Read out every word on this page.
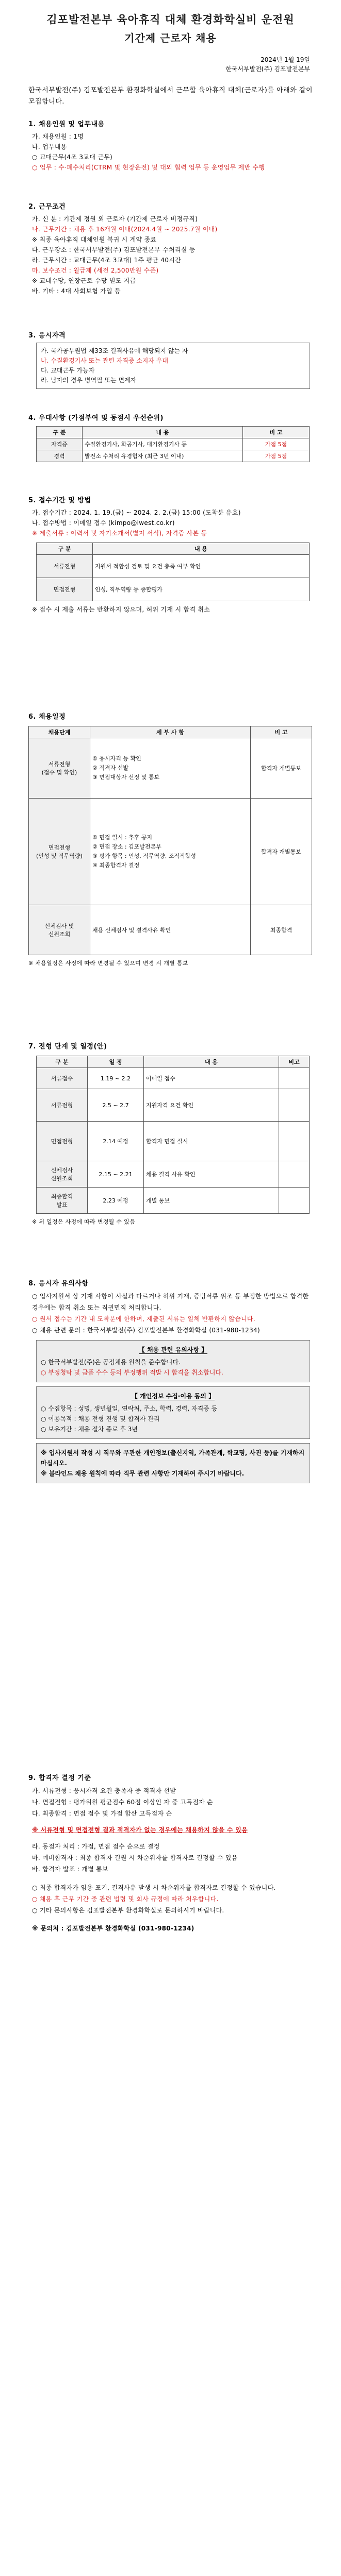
김포발전본부 육아휴직 대체 환경화학실비 운전원
기간제 근로자 채용
2024년 1월 19일
한국서부발전(주) 김포발전본부
한국서부발전(주) 김포발전본부 환경화학실에서 근무할 육아휴직 대체(근로자)를 아래와 같이 모집합니다.
1. 채용인원 및 업무내용
가. 채용인원 : 1명
나. 업무내용
○ 교대근무(4조 3교대 근무)
○ 업무 : 수·폐수처리(CTRM 및 현장운전) 및 대외 협력 업무 등 운영업무 제반 수행
2. 근무조건
가. 신 분 : 기간제 정원 외 근로자 (기간제 근로자 비정규직)
나. 근무기간 : 채용 후 16개월 이내(2024.4월 ~ 2025.7월 이내)
※ 최종 육아휴직 대체인원 복귀 시 계약 종료
다. 근무장소 : 한국서부발전(주) 김포발전본부 수처리실 등
라. 근무시간 : 교대근무(4조 3교대) 1주 평균 40시간
마. 보수조건 : 월급제 (세전 2,500만원 수준)
※ 교대수당, 연장근로 수당 별도 지급
바. 기타 : 4대 사회보험 가입 등
3. 응시자격
가. 국가공무원법 제33조 결격사유에 해당되지 않는 자
나. 수질환경기사 또는 관련 자격증 소지자 우대
다. 교대근무 가능자
라. 남자의 경우 병역필 또는 면제자
4. 우대사항 (가점부여 및 동점시 우선순위)
구 분	내 용	비 고
자격증	수질환경기사, 화공기사, 대기환경기사 등	가점 5점
경력	발전소 수처리 유경험자 (최근 3년 이내)	가점 5점
5. 접수기간 및 방법
가. 접수기간 : 2024. 1. 19.(금) ~ 2024. 2. 2.(금) 15:00 (도착분 유효)
나. 접수방법 : 이메일 접수 (kimpo@iwest.co.kr)
※ 제출서류 : 이력서 및 자기소개서(별지 서식), 자격증 사본 등
구 분	내 용
서류전형	지원서 적합성 검토 및 요건 충족 여부 확인
면접전형	인성, 직무역량 등 종합평가
※ 접수 시 제출 서류는 반환하지 않으며, 허위 기재 시 합격 취소
6. 채용일정
채용단계	세 부 사 항	비 고
서류전형
(접수 및 확인)	① 응시자격 등 확인
② 적격자 선발
③ 면접대상자 선정 및 통보	합격자 개별통보
면접전형
(인성 및 직무역량)	① 면접 일시 : 추후 공지
② 면접 장소 : 김포발전본부
③ 평가 항목 : 인성, 직무역량, 조직적합성
④ 최종합격자 결정	합격자 개별통보
신체검사 및
신원조회	채용 신체검사 및 결격사유 확인	최종합격
※ 채용일정은 사정에 따라 변경될 수 있으며 변경 시 개별 통보
7. 전형 단계 및 일정(안)
구 분	일 정	내 용	비고
서류접수	1.19 ~ 2.2	이메일 접수	
서류전형	2.5 ~ 2.7	지원자격 요건 확인	
면접전형	2.14 예정	합격자 면접 실시	
신체검사
신원조회	2.15 ~ 2.21	채용 결격 사유 확인	
최종합격
발표	2.23 예정	개별 통보	
※ 위 일정은 사정에 따라 변경될 수 있음
8. 응시자 유의사항
○ 입사지원서 상 기재 사항이 사실과 다르거나 허위 기재, 증빙서류 위조 등 부정한 방법으로 합격한 경우에는 합격 취소 또는 직권면직 처리합니다.
○ 원서 접수는 기간 내 도착분에 한하며, 제출된 서류는 일체 반환하지 않습니다.
○ 채용 관련 문의 : 한국서부발전(주) 김포발전본부 환경화학실 (031-980-1234)
【 채용 관련 유의사항 】
○ 한국서부발전(주)은 공정채용 원칙을 준수합니다.
○ 부정청탁 및 금품 수수 등의 부정행위 적발 시 합격을 취소합니다.
【 개인정보 수집·이용 동의 】
○ 수집항목 : 성명, 생년월일, 연락처, 주소, 학력, 경력, 자격증 등
○ 이용목적 : 채용 전형 진행 및 합격자 관리
○ 보유기간 : 채용 절차 종료 후 3년
※ 입사지원서 작성 시 직무와 무관한 개인정보(출신지역, 가족관계, 학교명, 사진 등)를 기재하지 마십시오.
※ 블라인드 채용 원칙에 따라 직무 관련 사항만 기재하여 주시기 바랍니다.
9. 합격자 결정 기준
가. 서류전형 : 응시자격 요건 충족자 중 적격자 선발
나. 면접전형 : 평가위원 평균점수 60점 이상인 자 중 고득점자 순
다. 최종합격 : 면접 점수 및 가점 합산 고득점자 순
※ 서류전형 및 면접전형 결과 적격자가 없는 경우에는 채용하지 않을 수 있음
라. 동점자 처리 : 가점, 면접 점수 순으로 결정
마. 예비합격자 : 최종 합격자 결원 시 차순위자를 합격자로 결정할 수 있음
바. 합격자 발표 : 개별 통보
○ 최종 합격자가 임용 포기, 결격사유 발생 시 차순위자를 합격자로 결정할 수 있습니다.
○ 채용 후 근무 기간 중 관련 법령 및 회사 규정에 따라 처우합니다.
○ 기타 문의사항은 김포발전본부 환경화학실로 문의하시기 바랍니다.
※ 문의처 : 김포발전본부 환경화학실 (031-980-1234)
